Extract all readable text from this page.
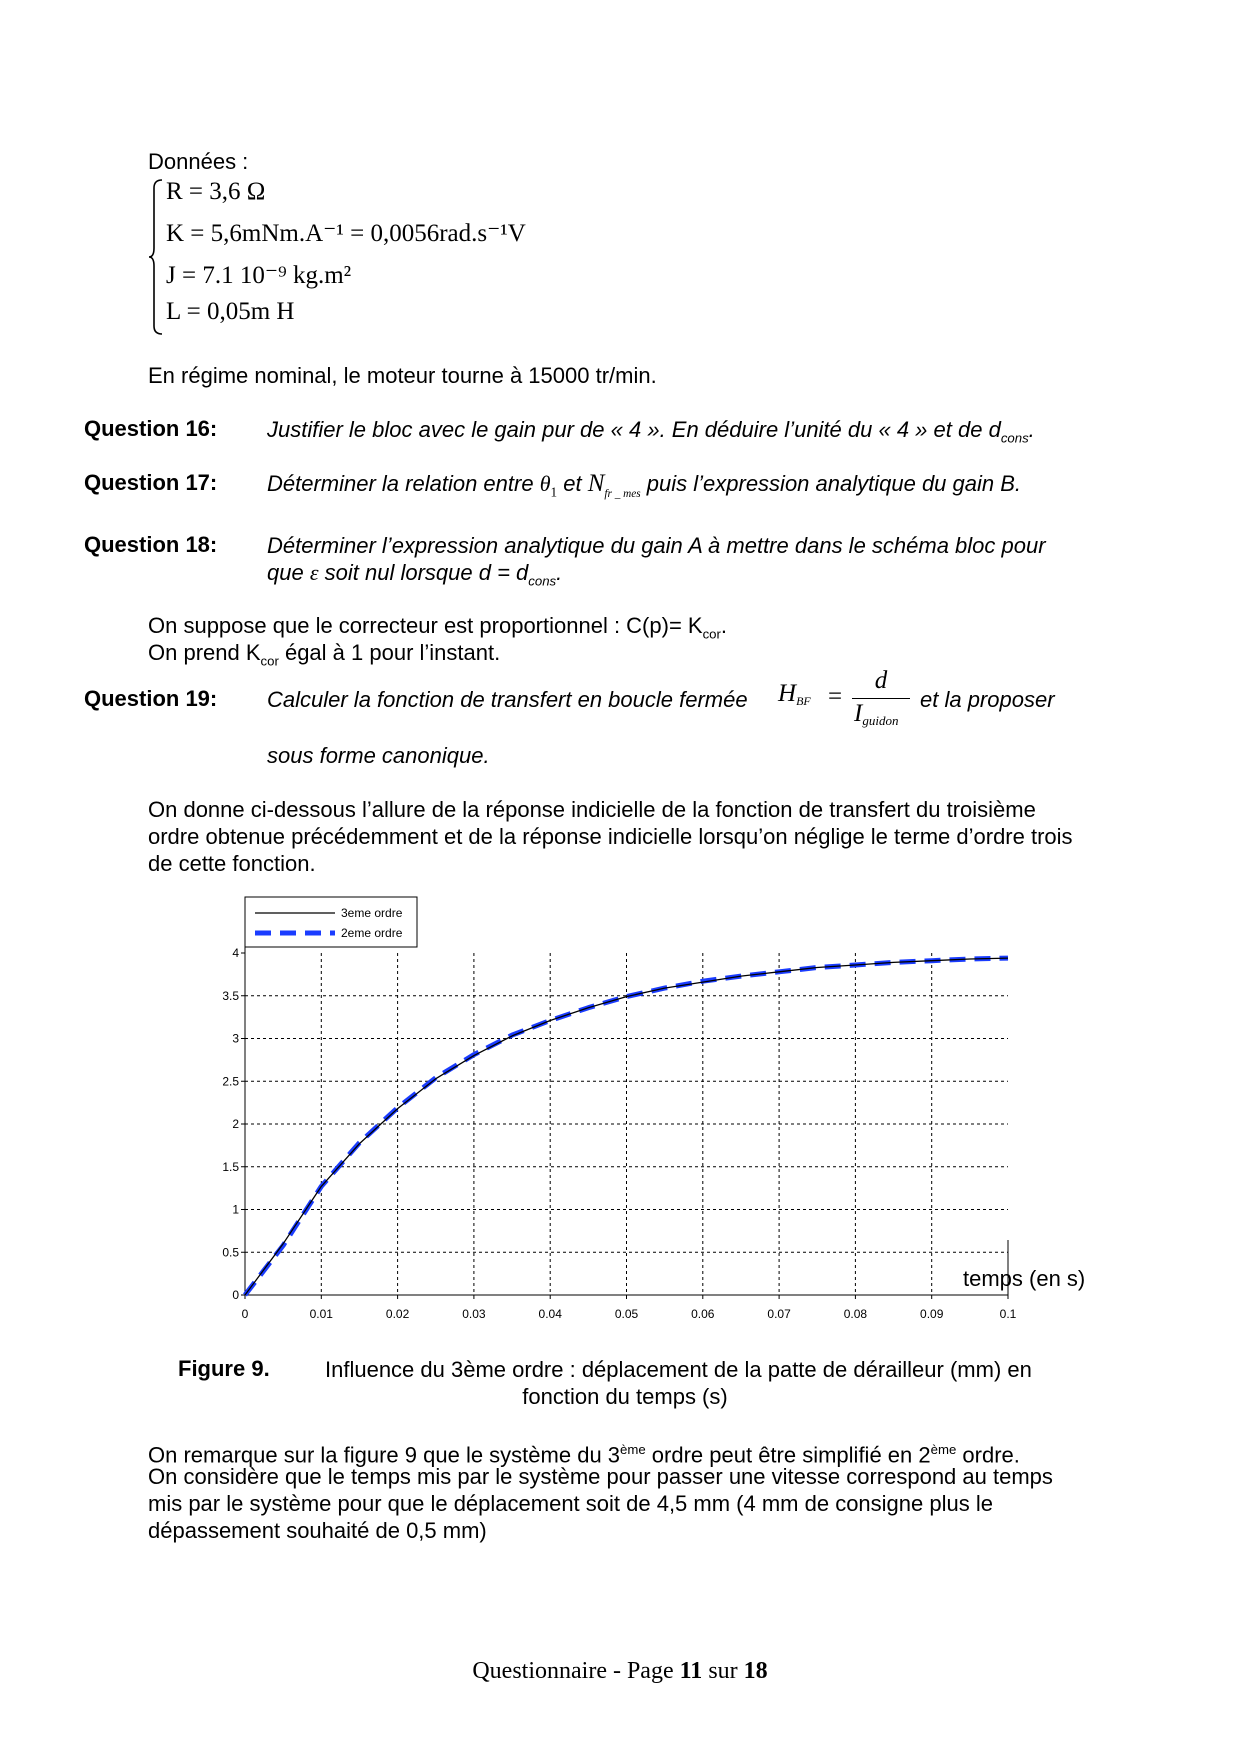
Données :
R = 3,6 Ω
K = 5,6mNm.A⁻¹ = 0,0056rad.s⁻¹V
J = 7.1 10⁻⁹ kg.m²
L = 0,05m H
En régime nominal, le moteur tourne à 15000 tr/min.
Question 16: Justifier le bloc avec le gain pur de « 4 ». En déduire l’unité du « 4 » et de $d_{cons}$.
Question 17: Déterminer la relation entre $\theta_1$ et $N_{fr \_ mes}$ puis l’expression analytique du gain B.
Question 18: Déterminer l’expression analytique du gain A à mettre dans le schéma bloc pour
que ε soit nul lorsque $d = d_{cons}$.
On suppose que le correcteur est proportionnel : $C(p)= K_{cor}$.
On prend $K_{cor}$ égal à 1 pour l’instant.
Question 19: Calculer la fonction de transfert en boucle fermée $H_{BF}$ =
d
$I_{guidon}$
et la proposer
sous forme canonique.
On donne ci-dessous l’allure de la réponse indicielle de la fonction de transfert du troisième ordre obtenue précédemment et de la réponse indicielle lorsqu’on néglige le terme d’ordre trois de cette fonction.
0	0.01	0.02	0.03	0.04	0.05	0.06	0.07	0.08	0.09	0.1
0
0.5
1
1.5
2
2.5
3
3.5
4
3eme ordre
2eme ordre
temps (en s)
Figure 9.	Influence du 3ème ordre : déplacement de la patte de dérailleur (mm) en
fonction du temps (s)
On remarque sur la figure 9 que le système du 3ème ordre peut être simplifié en 2ème ordre.
On considère que le temps mis par le système pour passer une vitesse correspond au temps
mis par le système pour que le déplacement soit de 4,5 mm (4 mm de consigne plus le
dépassement souhaité de 0,5 mm)
Questionnaire - Page 11 sur 18
